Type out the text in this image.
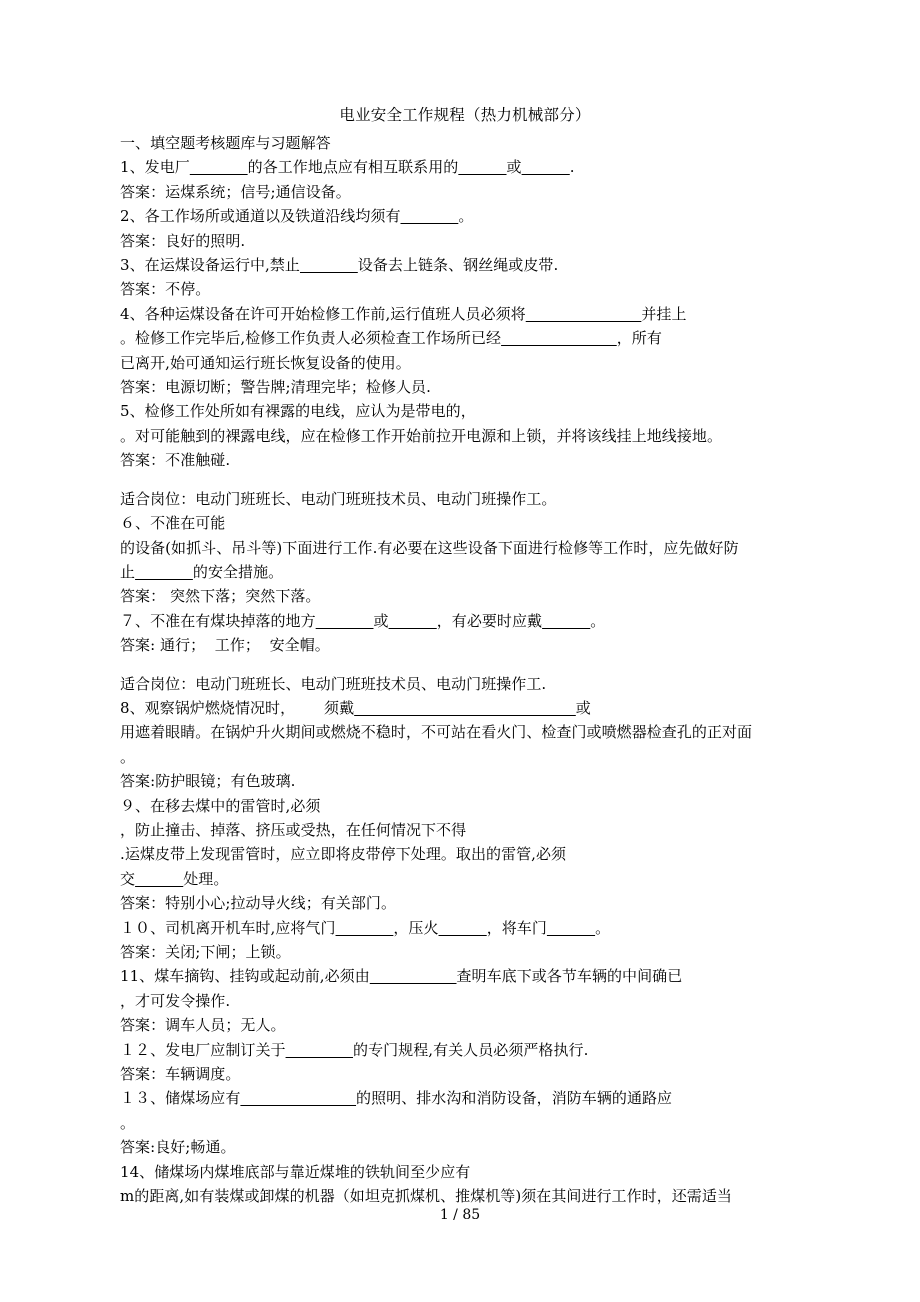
电业安全工作规程（热力机械部分）
一、填空题考核题库与习题解答
1、发电厂	的各工作地点应有相互联系用的	或	.
答案：运煤系统；信号;通信设备。
2、各工作场所或通道以及铁道沿线均须有	。
答案：良好的照明.
3、在运煤设备运行中,禁止	设备去上链条、钢丝绳或皮带.
答案：不停。
4、各种运煤设备在许可开始检修工作前,运行值班人员必须将	并挂上
。检修工作完毕后,检修工作负责人必须检查工作场所已经	，所有
已离开,始可通知运行班长恢复设备的使用。
答案：电源切断；警告牌;清理完毕；检修人员.
5、检修工作处所如有裸露的电线，应认为是带电的，
。对可能触到的裸露电线，应在检修工作开始前拉开电源和上锁，并将该线挂上地线接地。
答案：不准触碰.
适合岗位：电动门班班长、电动门班班技术员、电动门班操作工。
６、不准在可能
的设备(如抓斗、吊斗等)下面进行工作.有必要在这些设备下面进行检修等工作时，应先做好防
止	的安全措施。
答案： 突然下落；突然下落。
７、不准在有煤块掉落的地方	或	，有必要时应戴	。
答案: 通行；  工作；  安全帽。
适合岗位：电动门班班长、电动门班班技术员、电动门班操作工.
8、观察锅炉燃烧情况时，      须戴	或
用遮着眼睛。在锅炉升火期间或燃烧不稳时，不可站在看火门、检查门或喷燃器检查孔的正对面
。
答案:防护眼镜；有色玻璃.
９、在移去煤中的雷管时,必须
，防止撞击、掉落、挤压或受热，在任何情况下不得
.运煤皮带上发现雷管时，应立即将皮带停下处理。取出的雷管,必须
交	处理。
答案：特别小心;拉动导火线；有关部门。
１０、司机离开机车时,应将气门	，压火	，将车门	。
答案：关闭;下闸；上锁。
11、煤车摘钩、挂钩或起动前,必须由	查明车底下或各节车辆的中间确已
，才可发令操作.
答案：调车人员；无人。
１２、发电厂应制订关于	的专门规程,有关人员必须严格执行.
答案：车辆调度。
１３、储煤场应有	的照明、排水沟和消防设备，消防车辆的通路应
。
答案:良好;畅通。
14、储煤场内煤堆底部与靠近煤堆的铁轨间至少应有
m的距离,如有装煤或卸煤的机器（如坦克抓煤机、推煤机等)须在其间进行工作时，还需适当
1 / 85
